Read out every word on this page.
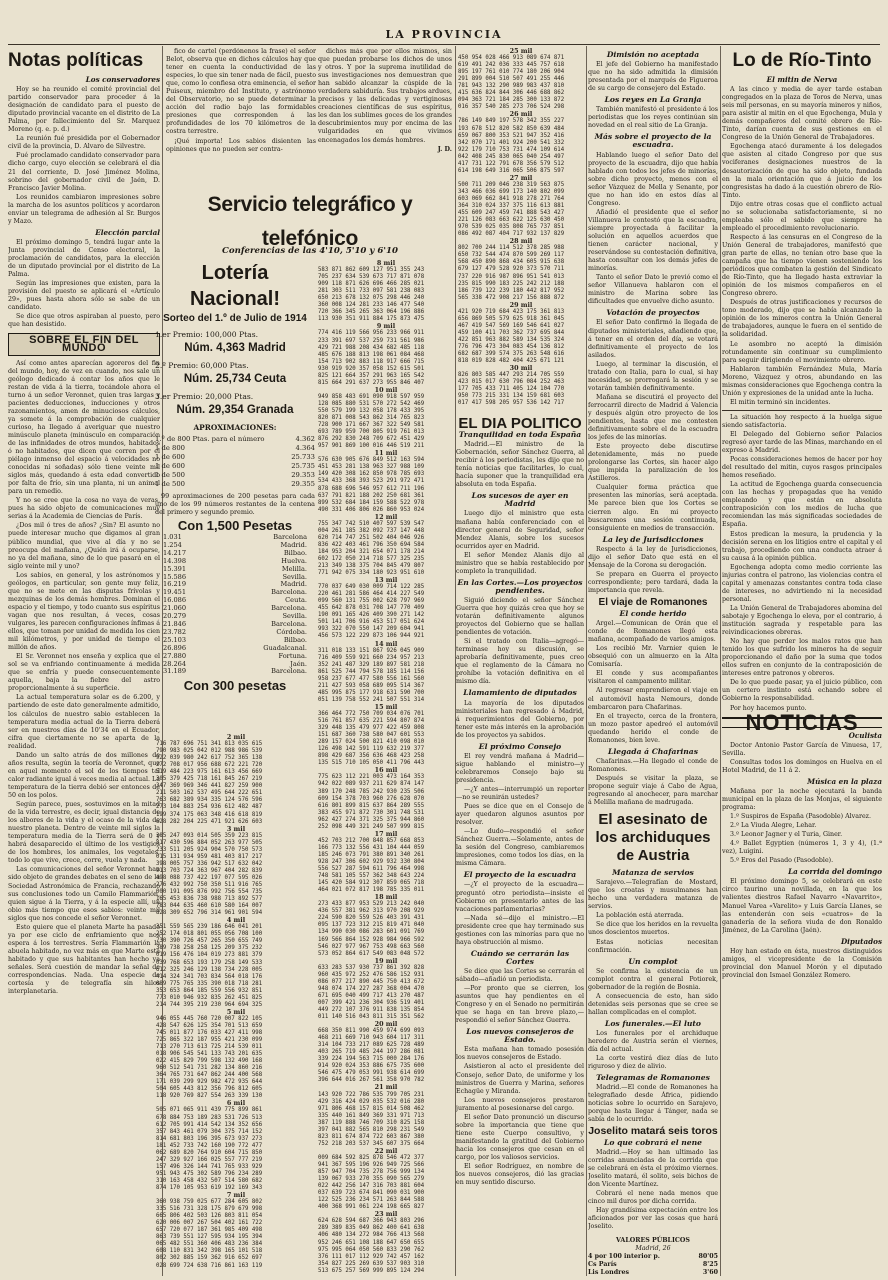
LA PROVINCIA
Notas políticas
Los conservadores

Hoy se ha reunido el comité provincial del partido conservador para proceder á la designación de candidato para el puesto de diputado provincial vacante en el distrito de La Palma, por fallecimiento del Sr. Marquez Moreno (q. e. p. d.)

La reunión fué presidida por el Gobernador civil de la provincia, D. Alvaro de Silvestre.

Fué proclamado candidato conservador para dicho cargo, cuyo elección se celebrará el dia 21 del corriente, D. José Jiménez Molina, sobrino del gobernador civil de Jaén, D. Francisco Javier Molina.

Los reunidos cambiaron impresiones sobre la marcha de los asuntos políticos y acordaron enviar un telegrama de adhesión al Sr. Burgos y Mazo.

Elección parcial

El próximo domingo 5, tendrá lugar ante la Junta provincial de Censo electoral, la proclamación de candidatos, para la elección de un diputado provincial por el distrito de La Palma.

Según las impresiones que existen, para la provisión del puesto se aplicará el «Artículo 29», pues hasta ahora sólo se sabe de un candidato.

Se dice que otros aspiraban al puesto, pero que han desistido.

SOBRE EL FIN DEL MUNDO

Así como antes aparecían agoreros del fin del mundo, hoy, de vez en cuando, nos sale un geólogo dedicado á contar los años que le restan de vida á la tierra, tocándole ahora el turno á un señor Veronnet, quien tras largas y pacientes deducciones, inducciones y otros razonamientos, amen de minuciosos cálculos, ya somete á la comprobación de cualquier curioso, ha llegado á averiguar que nuestro minúsculo planeta (minúsculo en comparación de las infinidades de otros mundos, habitados ó no habitados, que dicen que corren por el piélago inmenso del espacio á velocidades no conocidas ni soñadas) sólo tiene veinte mil siglos más, quedando á esta edad convertido por falta de frío, sin una planta, ni un animal para un remedio.

Y no se cree que la cosa no vaya de veras, pues ha sido objeto de comunicaciones muy serias á la Academia de Ciencias de París.

¿Dos mil ó tres de años? ¿Sin? El asunto no puede interesar mucho que digamos al gran público mundial, que vive al día y no se preocupa del mañana, ¿Quién irá á ocuparse, no ya del mañana, sino de lo que pasará en el siglo veinte mil y uno?

Los sabios, en general, y los astrónomos y geólogos, en particular, son gente muy feliz, que no se mete en las disputas frívolas y mezquinas de los demás hombres. Dominan el espacio y el tiempo, y todo cuanto sus espíritus vagan que nos resultan, á veces, cosas vulgares, les parecen configuraciones ínfimas á ellos, que toman por unidad de medida los cien mil kilómetros, y por unidad de tiempo el millón de años.

El Sr. Veronnet nos enseña y explica que el sol se va enfriando continuamente á medida que se enfría y puede consecuentemente aquella, baja la fiebre del astro proporcionalmente á su superficie.

La actual temperatura solar es de 6.200, y partiendo de este dato generalmente admitido, los cálculos de nuestro sabio establecen la temperatura media actual de la Tierra deberá ser en nuestros días de 10'34 en el Ecuador, cifra que ciertamente no se aparta de la realidad.

Dando un salto atrás de dos millones de años resulta, según la teoría de Veronnet, que en aquel momento el sol de los tiempos tal calor radiante igual á veces media al actual. La temperatura de la tierra debió ser entonces de 50 en los polos.

Según parece, pues, sostuvimos en la mitad de la vida terrestre, es decir, igual distancia de los albores de la vida y el ocaso de la vida de nuestro planeta. Dentro de veinte mil siglos la temperatura media de la Tierra será de 0 y habrá desaparecido el último de los vestigios de los hombres, los animales, los vegetales, todo lo que vive, crece, corre, vuela y nada.

Las comunicaciones del señor Veronnet han sido objeto de grandes debates en el seno de la Sociedad Astronómica de Francia, rechazando sus conclusiones todo un Camilo Flammarión, quien sigue á la Tierra, y á la especie allí, un obio más tiempo que esos sabios: veinte mil siglos que nos concede el señor Veronnet.

Esto quiere que el planeta Marte ha pasado ya por ese ciclo de enfriamiento que nos espera á los terrestres. Sería Flammarión la abuela habitado, no vez más en que Marte está habitado y que sus habitantes han hecho ya señales. Será cuestión de mandar la señal de correspondencias. Nada. Una especie de cortesía y de telegrafía sin hilos interplanetaria.

fico de cartel (perdónenos la frase) el señor Belot, observa que en dichos cálculos hay que tener en cuenta la conductividad de las especies, lo que sin tener nada de fácil, puesto que, como lo confiesa otra eminencia, el señor Puiseux, miembro del Instituto, y astrónomo del Observatorio, no se puede determinar la acción del radio bajo las formidables presiones que corresponden á las profundidades de los 70 kilómetros de la costra terrestre.

¡Qué importa! Los sabios disienten las opiniones que no pueden ser contra-

dichos más que por ellos mismos, sin que puedan probarse los dichos de unos y otros. Y por la suprema inutilidad de sus investigaciones nos demuestran que han sabido alcanzar la cúspide de la verdadera sabiduría. Sus trabajos ardues, precisos y las delicadas y vertiginosas creaciones científicas de sus espíritus, les dan los sublimes goces de los grandes descubrimientos muy por encima de las vulgaridades en que vivimos encenagados los demás hombres.

J. D.

Servicio telegráfico y telefónico
Conferencias de las 4'10, 5'10 y 6'10
Lotería Nacional!
Sorteo del 1.º de Julio de 1914
1.er Premio: 100,000 Ptas.
Núm. 4,363 Madrid
2.º Premio: 60,000 Ptas.
Núm. 25,734 Ceuta
3.er Premio: 20,000 Ptas.
Núm. 29,354 Granada
APROXIMACIONES:
1.º de 800 Ptas. para el número	4.362
1 de 800	4.364
1 de 600	25.733
1 de 600	25.735
1 de 500	29.353
1 de 500	29.355

99 aproximaciones de 200 pesetas para cada uno de los 99 números restantes de la centena del primero y segundo premio.

Con 1,500 Pesetas
1.031	Barcelona
1.254	Madrid.
14.217	Bilbao.
14.398	Huelva.
15.391	Melilla.
15.586	Sevilla.
16.219	Madrid.
19.451	Barcelona.
16.086	Ceuta.
21.060	Barcelona.
20.279	Sevilla.
21.846	Barcelona.
23.782	Córdoba.
25.103	Bilbao.
26.896	Guadalcanal.
27.880	Fortuna.
28.264	Jaén.
31.189	Barcelona.
Con 300 pesetas
2 mil
716 787 696 751 341 813 035 615
790 983 025 042 012 988 986 539
922 039 980 242 617 752 365 138
272 708 017 956 688 672 221 720
519 484 223 975 161 613 456 669
305 379 425 718 161 845 267 219
347 369 969 346 441 827 259 900
211 503 162 537 495 644 222 651
763 682 389 934 335 124 576 596
273 104 883 254 936 612 482 487
199 374 175 063 348 416 618 819
628 282 204 225 471 921 626 603
3 mil
385 247 093 014 505 359 223 815
817 430 596 884 052 263 977 505
233 511 205 924 904 570 750 573
015 131 934 959 481 403 817 217
398 005 757 336 942 517 632 042
913 703 724 363 967 404 282 839
498 088 737 422 197 077 595 026
276 432 992 750 350 511 916 765
000 191 095 876 992 756 554 735
165 453 836 738 988 713 892 577
783 044 635 460 610 580 164 007
828 309 652 796 314 961 901 594
4 mil
351 559 565 239 186 646 041 201
252 174 018 801 055 056 708 100
730 390 726 457 265 350 655 749
389 738 258 258 125 209 375 232
019 156 476 104 019 273 881 379
039 768 653 193 179 258 149 533
612 325 246 129 138 734 228 005
414 324 341 703 834 564 018 176
089 775 765 335 390 018 718 281
353 653 864 185 559 556 932 851
773 010 946 932 835 262 451 825
214 744 395 219 230 964 694 325
5 mil
946 055 445 760 720 007 822 105
428 547 626 125 354 701 513 659
745 011 877 176 033 427 411 998
725 865 322 187 955 421 230 099
713 270 713 613 725 214 539 011
018 906 545 541 133 743 201 635
022 415 829 799 598 132 490 168
960 512 541 731 282 134 860 216
364 765 731 647 862 244 400 568
171 039 299 929 982 472 935 644
504 605 443 812 356 796 812 605
118 920 769 827 554 263 339 130
6 mil
505 071 065 911 439 775 899 861
678 884 753 189 283 531 726 513
612 705 991 414 542 134 352 656
357 843 461 079 304 375 714 152
814 681 803 196 395 673 937 273
181 452 733 742 160 190 772 477
062 689 820 764 910 604 715 850
247 329 927 166 025 557 777 219
157 496 326 144 741 765 933 929
951 943 475 302 589 796 234 289
310 163 458 432 507 514 580 682
874 170 105 953 619 192 169 343
7 mil
360 938 759 025 677 284 605 802
335 516 731 328 175 879 679 998
665 806 402 503 126 803 811 054
620 006 007 267 504 402 161 722
657 720 077 187 361 985 409 498
863 739 551 127 595 934 195 394
065 482 551 360 406 483 236 384
608 110 831 342 398 165 101 518
802 302 885 159 362 916 652 697
028 699 724 638 716 861 163 119
8 mil
583 871 862 609 127 951 355 243
705 237 634 539 673 717 871 078
909 118 871 626 696 466 285 021
281 303 511 733 097 581 238 083
650 213 678 132 075 298 446 240
360 008 124 281 233 146 477 540
720 366 345 265 363 064 196 886
113 930 351 911 884 175 873 475
9 mil
774 416 119 566 956 233 966 911
233 391 697 537 259 731 561 986
429 721 988 208 434 682 485 118
485 676 188 813 198 061 084 468
154 713 902 883 118 917 666 715
930 919 920 357 058 152 615 501
825 121 664 357 291 963 165 542
815 664 291 637 273 955 846 407
10 mil
949 858 483 691 090 918 597 959
128 085 880 531 570 272 542 469
550 579 199 132 058 178 433 395
820 871 008 543 862 314 765 823
728 900 171 667 367 322 549 581
693 789 959 700 805 919 761 013
876 292 830 248 709 672 451 429
957 901 869 100 016 446 519 211
11 mil
576 630 905 676 849 512 163 594
451 453 281 138 963 327 988 109
149 420 308 162 850 978 785 693
534 433 368 393 523 291 972 471
878 688 696 546 957 612 711 196
637 791 821 188 202 250 681 361
899 532 684 184 159 588 522 978
490 331 406 806 026 860 953 024
12 mil
755 347 742 510 407 597 539 547
004 261 185 382 092 737 147 448
620 714 747 251 502 404 046 926
836 422 403 461 796 350 694 584
184 953 204 321 654 071 178 214
602 172 050 214 718 577 325 235
213 349 138 375 704 845 479 807
771 942 075 334 180 923 951 610
13 mil
770 037 649 030 009 714 122 285
220 461 281 586 464 414 227 549
099 560 131 755 002 628 797 969
455 642 878 031 708 147 770 409
190 091 165 426 409 390 271 142
501 141 706 916 453 517 051 624
993 322 070 550 147 209 604 941
456 573 122 229 873 106 944 921
14 mil
311 018 133 151 867 926 045 909
716 409 559 921 660 234 957 213
352 241 487 329 189 897 581 218
861 525 744 794 578 185 114 156
958 237 677 477 580 556 161 560
211 427 593 058 689 095 514 367
485 995 875 177 918 631 590 700
051 139 758 552 241 507 551 314
15 mil
366 464 772 750 709 034 076 701
516 761 857 635 221 594 807 874
329 448 135 479 977 422 459 808
151 687 360 738 580 047 601 553
289 157 024 500 821 410 098 010
126 498 142 591 119 632 219 377
898 429 687 356 636 468 423 258
135 515 710 105 050 411 796 443
16 mil
775 623 112 221 003 473 164 353
942 022 089 937 211 629 874 147
389 170 248 785 242 930 235 506
609 154 378 703 960 276 628 070
616 801 899 815 637 864 289 555
383 455 971 872 730 301 748 531
962 427 274 371 325 375 944 860
252 098 449 321 249 507 999 815
17 mil
452 703 212 700 848 857 668 853
166 773 132 556 431 104 444 059
185 246 073 791 380 891 340 261
928 247 306 602 929 932 330 804
556 527 287 594 611 796 464 998
748 581 105 557 362 348 643 224
145 420 584 912 307 859 065 718
464 021 072 817 198 785 335 011
18 mil
273 433 877 953 529 213 242 040
436 557 381 962 313 970 208 929
224 590 820 559 526 403 391 431
095 137 723 312 215 819 471 040
134 990 030 086 283 601 091 769
169 566 864 152 928 984 966 592
546 027 977 967 753 498 663 560
573 052 864 617 549 083 048 572
19 mil
633 283 537 930 737 861 392 828
960 435 972 252 476 586 152 931
086 077 217 890 445 750 413 672
948 074 174 227 287 368 004 470
671 695 040 499 717 413 270 487
007 399 421 236 304 936 519 401
449 272 107 376 911 838 135 854
011 140 516 043 811 315 351 562
20 mil
668 350 811 990 459 974 699 093
468 211 669 710 943 604 117 311
314 104 733 217 089 625 728 489
403 265 719 485 244 197 286 081
339 224 194 563 715 000 284 176
914 920 024 353 886 675 735 600
546 475 479 053 991 938 614 699
396 644 016 267 561 358 970 782
21 mil
143 920 722 786 535 799 705 231
429 316 424 029 035 532 016 280
971 806 468 157 815 014 508 462
335 440 161 849 369 331 971 713
387 119 888 746 709 310 825 158
397 041 882 565 810 298 231 549
823 811 674 874 722 603 867 380
752 218 203 537 345 607 375 664
22 mil
009 684 592 825 878 546 472 377
941 367 595 196 926 949 725 566
857 947 704 735 278 756 999 134
139 067 933 270 355 090 565 279
022 442 256 147 316 703 881 604
037 639 723 674 841 090 031 900
122 525 236 234 571 263 844 588
400 368 991 061 224 198 665 827
23 mil
624 628 594 687 366 943 803 296
289 389 835 049 862 400 641 638
406 480 134 272 984 766 413 568
952 246 651 108 188 647 650 655
975 995 064 050 560 833 290 762
376 111 017 112 929 742 457 162
354 827 225 269 639 537 903 310
513 675 257 569 999 895 124 294
25 mil
450 954 028 466 913 089 674 871
619 491 242 036 333 445 757 618
895 197 761 010 774 180 206 904
291 899 004 510 507 491 255 446
781 943 132 290 989 983 437 810
415 636 824 844 306 446 688 862
094 363 721 184 285 300 133 872
016 357 540 285 273 706 524 298
26 mil
786 149 849 197 578 342 355 227
193 678 512 820 582 850 639 484
659 067 800 353 521 947 352 416
342 070 171 401 924 200 541 332
922 179 710 753 731 474 109 614
042 408 245 830 065 040 254 497
417 731 122 791 678 356 579 512
614 198 649 316 065 506 875 597
27 mil
500 711 209 046 238 319 563 875
343 466 036 699 173 140 802 099
603 069 662 841 918 278 271 764
364 310 024 337 375 116 613 881
455 609 247 459 741 888 543 427
221 126 083 663 622 125 630 450
970 539 025 035 808 765 737 851
086 492 087 404 717 932 137 829
28 mil
802 700 244 114 512 378 285 988
650 732 544 474 870 599 269 117
568 450 890 868 434 605 915 638
679 127 479 528 920 373 570 711
737 220 916 987 896 951 541 013
235 815 990 183 225 242 212 188
186 739 122 239 180 442 817 952
565 338 472 908 217 156 888 872
29 mil
421 920 719 684 423 175 361 813
656 869 505 579 625 918 361 045
467 419 547 569 169 546 641 027
459 100 411 703 362 737 695 844
422 851 963 882 589 134 535 324
776 796 473 304 083 454 136 812
682 687 399 574 375 263 548 616
818 019 828 482 404 425 671 121
30 mil
826 803 585 447 293 214 705 559
423 015 017 630 796 084 252 463
177 705 433 711 405 124 104 770
950 773 215 331 134 159 681 603
017 417 598 205 957 536 142 717
EL DIA POLITICO
Tranquilidad en toda España

Madrid.—El ministro de la Gobernación, señor Sánchez Guerra, al recibir á los periodistas, les dijo que no tenía noticias que facilitarles, lo cual, hacía suponer que la tranquilidad era absoluta en toda España.

Los sucesos de ayer en Madrid

Luego dijo el ministro que esta mañana había conferenciado con el director general de Seguridad, señor Mendez Alanis, sobre los sucesos ocurridos ayer en Madrid.

El señor Mendez Alanis dijo al ministro que se había restablecido por completo la tranquilidad.

En las Cortes.—Los proyectos pendientes.

Siguió diciendo el señor Sánchez Guerra que hoy quizás crea que hoy se votarán definitivamente algunos proyectos del Gobierno que se hallan pendientes de votación.

Si el tratado con Italia—agregó—terminase hoy su discusión, se aprobaría definitivamente, pues creo que el reglamento de la Cámara no prohíbe la votación definitiva en el mismo día.

Llamamiento de diputados

La mayoría de los diputados ministeriales han regresado á Madrid, á requerimientos del Gobierno, por tener este más interés en la aprobación de los proyectos ya sabidos.

El próximo Consejo

El rey vendrá mañana á Madrid—sigue hablando el ministro—y celebraremos Consejo bajo su presidencia.

—¿Y antes—interrumpió un reporter—no se reunirán ustedes?

Pues se dice que en el Consejo de ayer quedaron algunos asuntos por resolver.

—Lo dudo—respondió el señor Sánchez Guerra.—Solamente, antes de la sesión del Congreso, cambiaremos impresiones, como todos los días, en la misma Cámara.

El proyecto de la escuadra

—¿Y el proyecto de la escuadra—preguntó otro periodista—insiste el Gobierno en presentarlo antes de las vacaciones parlamentarias?

—Nada sé—dijo el ministro.—El presidente cree que hay terminado sus gestiones con las minorías para que no haya obstrucción al mismo.

Cuándo se cerrarán las Cortes

Se dice que las Cortes se cerrarán el sábado—añadió un periodista.

—Por pronto que se cierren, los asuntos que hay pendientes en el Congreso y en el Senado no permitirán que se haga en tan breve plazo,—respondió el señor Sánchez Guerra.

Los nuevos consejeros de Estado.

Esta mañana han tomado posesión los nuevos consejeros de Estado.

Asistieron al acto el presidente del Consejo, señor Dato, de uniforme y los ministros de Guerra y Marina, señores Echagüe y Miranda.

Los nuevos consejeros prestaron juramento al posesionarse del cargo.

El señor Dato pronunció un discurso sobre la importancia que tiene que tiene este Cuerpo consultivo, y manifestando la gratitud del Gobierno hacia los consejeros que cesan en el cargo, por los valiosos servicios.

El señor Rodríguez, en nombre de los nuevos consejeros, dió las gracias en muy sentido discurso.

Dimisión no aceptada

El jefe del Gobierno ha manifestado que no ha sido admitida la dimisión presentada por el marqués de Figueroa de su cargo de consejero del Estado.

Los reyes en La Granja

También manifestó el presidente á los periodistas que los reyes continúan sin novedad en el real sitio de La Granja.

Más sobre el proyecto de la escuadra.

Hablando luego el señor Dato del proyecto de la escuadra, dijo que había hablado con todos los jefes de minorías, sobre dicho proyecto, menos con el señor Vázquez de Mella y Senante, por que no han ido en estos días al Congreso.

Añadió el presidente que el señor Villanueva le contestó que la escuadra, siempre proyectada á facilitar la solución en aquellos acuerdos que tienen carácter nacional, y reservándose su contestación definitiva, hasta consultar con los demás jefes de minorías.

Tanto el señor Dato le previó como el señor Villanueva hablaron con el ministro de Marina sobre las dificultades que envuelve dicho asunto.

Votación de proyectos

El señor Dato confirmó la llegada de diputados ministeriales, añadiendo que, á tener en el orden del día, se votará definitivamente el proyecto de los asilados.

Luego, al terminar la discusión, el tratado con Italia, para lo cual, si hay necesidad, se prorrogará la sesión y se votarán también definitivamente.

Mañana se discutirá el proyecto del ferrocarril directo de Madrid á Valencia y después algún otro proyecto de los pendientes, hasta que me contesten definitivamente sobre el de la escuadra los jefes de las minorías.

Este proyecto debe discutirse detenidamente, más no puede prolongarse las Cortes, sin hacer algo que impida la paralización de los Astilleros.

Cualquier forma práctica que presenten las minorías, será aceptada. Me parece bien que los Cortes se cierren algo. En mi proyecto buscaremos una sesión continuada, consiguiente en medios de transacción.

La ley de Jurisdicciones

Respecto á la ley de Jurisdicciones, dijo el señor Dato que está en el Mensaje de la Corona su derogación.

Se prepara en Guerra el proyecto correspondiente; pero tardará, dada la importancia que revela.

El viaje de Romanones
El conde herido

Argel.—Comunican de Orán que el conde de Romanones llegó esta mañana, acompañado de varios amigos.

Los recibió Mr. Varnier quien le obsequió con un almuerzo en la Alta Comisaría.

El conde y sus acompañantes visitaron el campamento militar.

Al regresar emprendieron el viaje en el automóvil hasta Nemours, donde embarcaron para Chafarinas.

En el trayecto, cerca de la frontera, un mozo pastor apedreó el automóvil quedando herido el conde de Romanones, bien leve.

Llegada á Chafarinas

Chafarinas.—Ha llegado el conde de Romanones.

Después se visitar la plaza, se propone seguir viaje á Cabo de Agua, regresando al anochecer, para marchar á Melilla mañana de madrugada.

El asesinato de los archiduques de Austria
Matanza de servios

Sarajevo.—Telegrafían de Mostard, que los croatas y musulmanes han hecho una verdadera matanza de servios.

La población está aterrada.

Se dice que los heridos en la revuelta unos doscientos muertos.

Estas noticias necesitan confirmación.

Un complot

Se confirma la existencia de un complot contra el general Potiorek, gobernador de la región de Bosnia.

A consecuencia de esto, han sido detenidas seis personas que se cree se hallan complicadas en el complot.

Los funerales.—El luto

Los funerales por el archiduque heredero de Austria serán el viernes, día del actual.

La corte vestirá diez días de luto riguroso y diez de alivio.

Telegramas de Romanones

Madrid.—El conde de Romanones ha telegrafiado desde África, pidiendo noticias sobre lo ocurrido en Sarajevo, porque hasta llegar á Tánger, nada se sabía de lo ocurrido.

Joselito matará seis toros
Lo que cobrará el nene

Madrid.—Hoy se han ultimado las corridas anunciadas de la corrida que se celebrará en ésta el próximo viernes. Joselito matará, él solito, seis bichos de don Vicente Martínez.

Cobrará el nene nada menos que cinco mil duros por dicha corrida.

Hay grandísima expectación entre los aficionados por ver las cosas que hará Joselito.

VALORES PÚBLICOS
Madrid, 26
4 por 100 interior p.	80'05
Cs París	8'25
Lis Londres	3'60
Lo de Río-Tinto
El mitin de Nerva

A las cinco y media de ayer tarde estaban congregados en la plaza de Toros de Nerva, unas seis mil personas, en su mayoría mineros y niños, para asistir al mitin en el que Egochenga, Mula y demás compañeros del comité obrero de Río-Tinto, darían cuenta de sus gestiones en el Congreso de la Unión General de Trabajadores.

Egochenga atacó duramente á los delegados que asisten al citado Congreso por que sus vociferanes designaciones nuestros de la desautorización de que ha sido objeto, fundada en la mala orientación que á juicio de los congresistas ha dado á la cuestión obrero de Río-Tinto.

Dijo entre otras cosas que el conflicto actual no se solucionaba satisfactoriamente, si no empleaba sólo el sabido que siempre ha empleado el procedimiento revolucionario.

Respecto á las censuras en el Congreso de la Unión General de trabajadores, manifestó que gran parte de ellas, no tenían otro base que la campaña que ha tiempo vienen sosteniendo los periódicos que combaten la gestión del Sindicato de Río-Tinto, que ha llegado hasta extraviar la opinión de los mismos compañeros en el Congreso obrero.

Después de otras justificaciones y recursos de tono moderado, dijo que se había alcanzado la opinión de los mineros contra la Unión General de trabajadores, aunque le fuera en el sentido de la solidaridad.

Le asombro no aceptó la dimisión rotundamente sin continuar su cumplimiento para seguir dirigiendo el movimiento obrero.

Hablaron también Fernández Mula, María Moreno, Vázquez y otros, abundando en las mismas consideraciones que Egochenga contra la Unión y expresiones de la unidad ante la lucha.

El mitin terminó sin incidentes.

La situación hoy respecto á la huelga sigue siendo satisfactoria.

El Delegado del Gobierno señor Palacios regresó ayer tarde de las Minas, marchando en el expreso á Madrid.

Pocas consideraciones hemos de hacer por hoy del resultado del mitin, cuyos rasgos principales hemos reseñado.

La actitud de Egochenga guarda consecuencia con las hechas y propagadas que ha venido empleando y que están en absoluta contraposición con los medios de lucha que recomiendan las más significadas sociedades de España.

Estos predican la mesura, la prudencia y la decisión serena en los litigios entre el capital y el trabajo, procediendo con una conducta atraer á su causa á la opinión pública.

Egochenga adopta como medio corriente las injurias contra el patrono, las violencias contra el capital y amenazas constantes contra toda clase de intereses, no advirtiendo ni la necesidad personal.

La Unión General de Trabajadores abomina del sabotaje y Egochenga lo eleva, por el contrario, á institución sagrada y respetable para las reivindicaciones obreras.

No hay que perder los malos ratos que han tenido los que sufrido los mineros ha de seguir proporcionando el daño por la suma que todos ellos sufren en conjunto de la contraposición de intereses entre patronos y obreros.

De lo que puede pasar, ya el juicio público, con un certero instinto está echando sobre el Gobierno la responsabilidad.

Por hoy hacemos punto.

NOTICIAS
Oculista

Doctor Antonio Pastor García de Vinuesa, 17, Sevilla.

Consultas todos los domingos en Huelva en el Hotel Madrid, de 11 á 2.

Música en la plaza

Mañana por la noche ejecutará la banda municipal en la plaza de las Monjas, el siguiente programa:

1.º Suspiros de España (Pasodoble) Alvarez.

2.º La Viuda Alegre, Lehar.

3.º Leonor Jagner y el Turia, Giner.

4.º Ballet Egyptien (números 1, 3 y 4), (1.ª vez), Luigini.

5.º Eros del Pasado (Pasodoble).

La corrida del domingo

El próximo domingo 5, se celebrará en este circo taurino una novillada, en la que los valientes diestros Rafael Navarro «Navarrito», Manuel Varea «Varelito» y Luis García Llanes, se las entenderán con seis «cuatros» de la ganadería de la señora viuda de don Ronaldo Jiménez, de La Carolina (Jaén).

Diputados

Hoy han estado en ésta, nuestros distinguidos amigos, el vicepresidente de la Comisión provincial don Manuel Morón y el diputado provincial don Ismael González Romero.
